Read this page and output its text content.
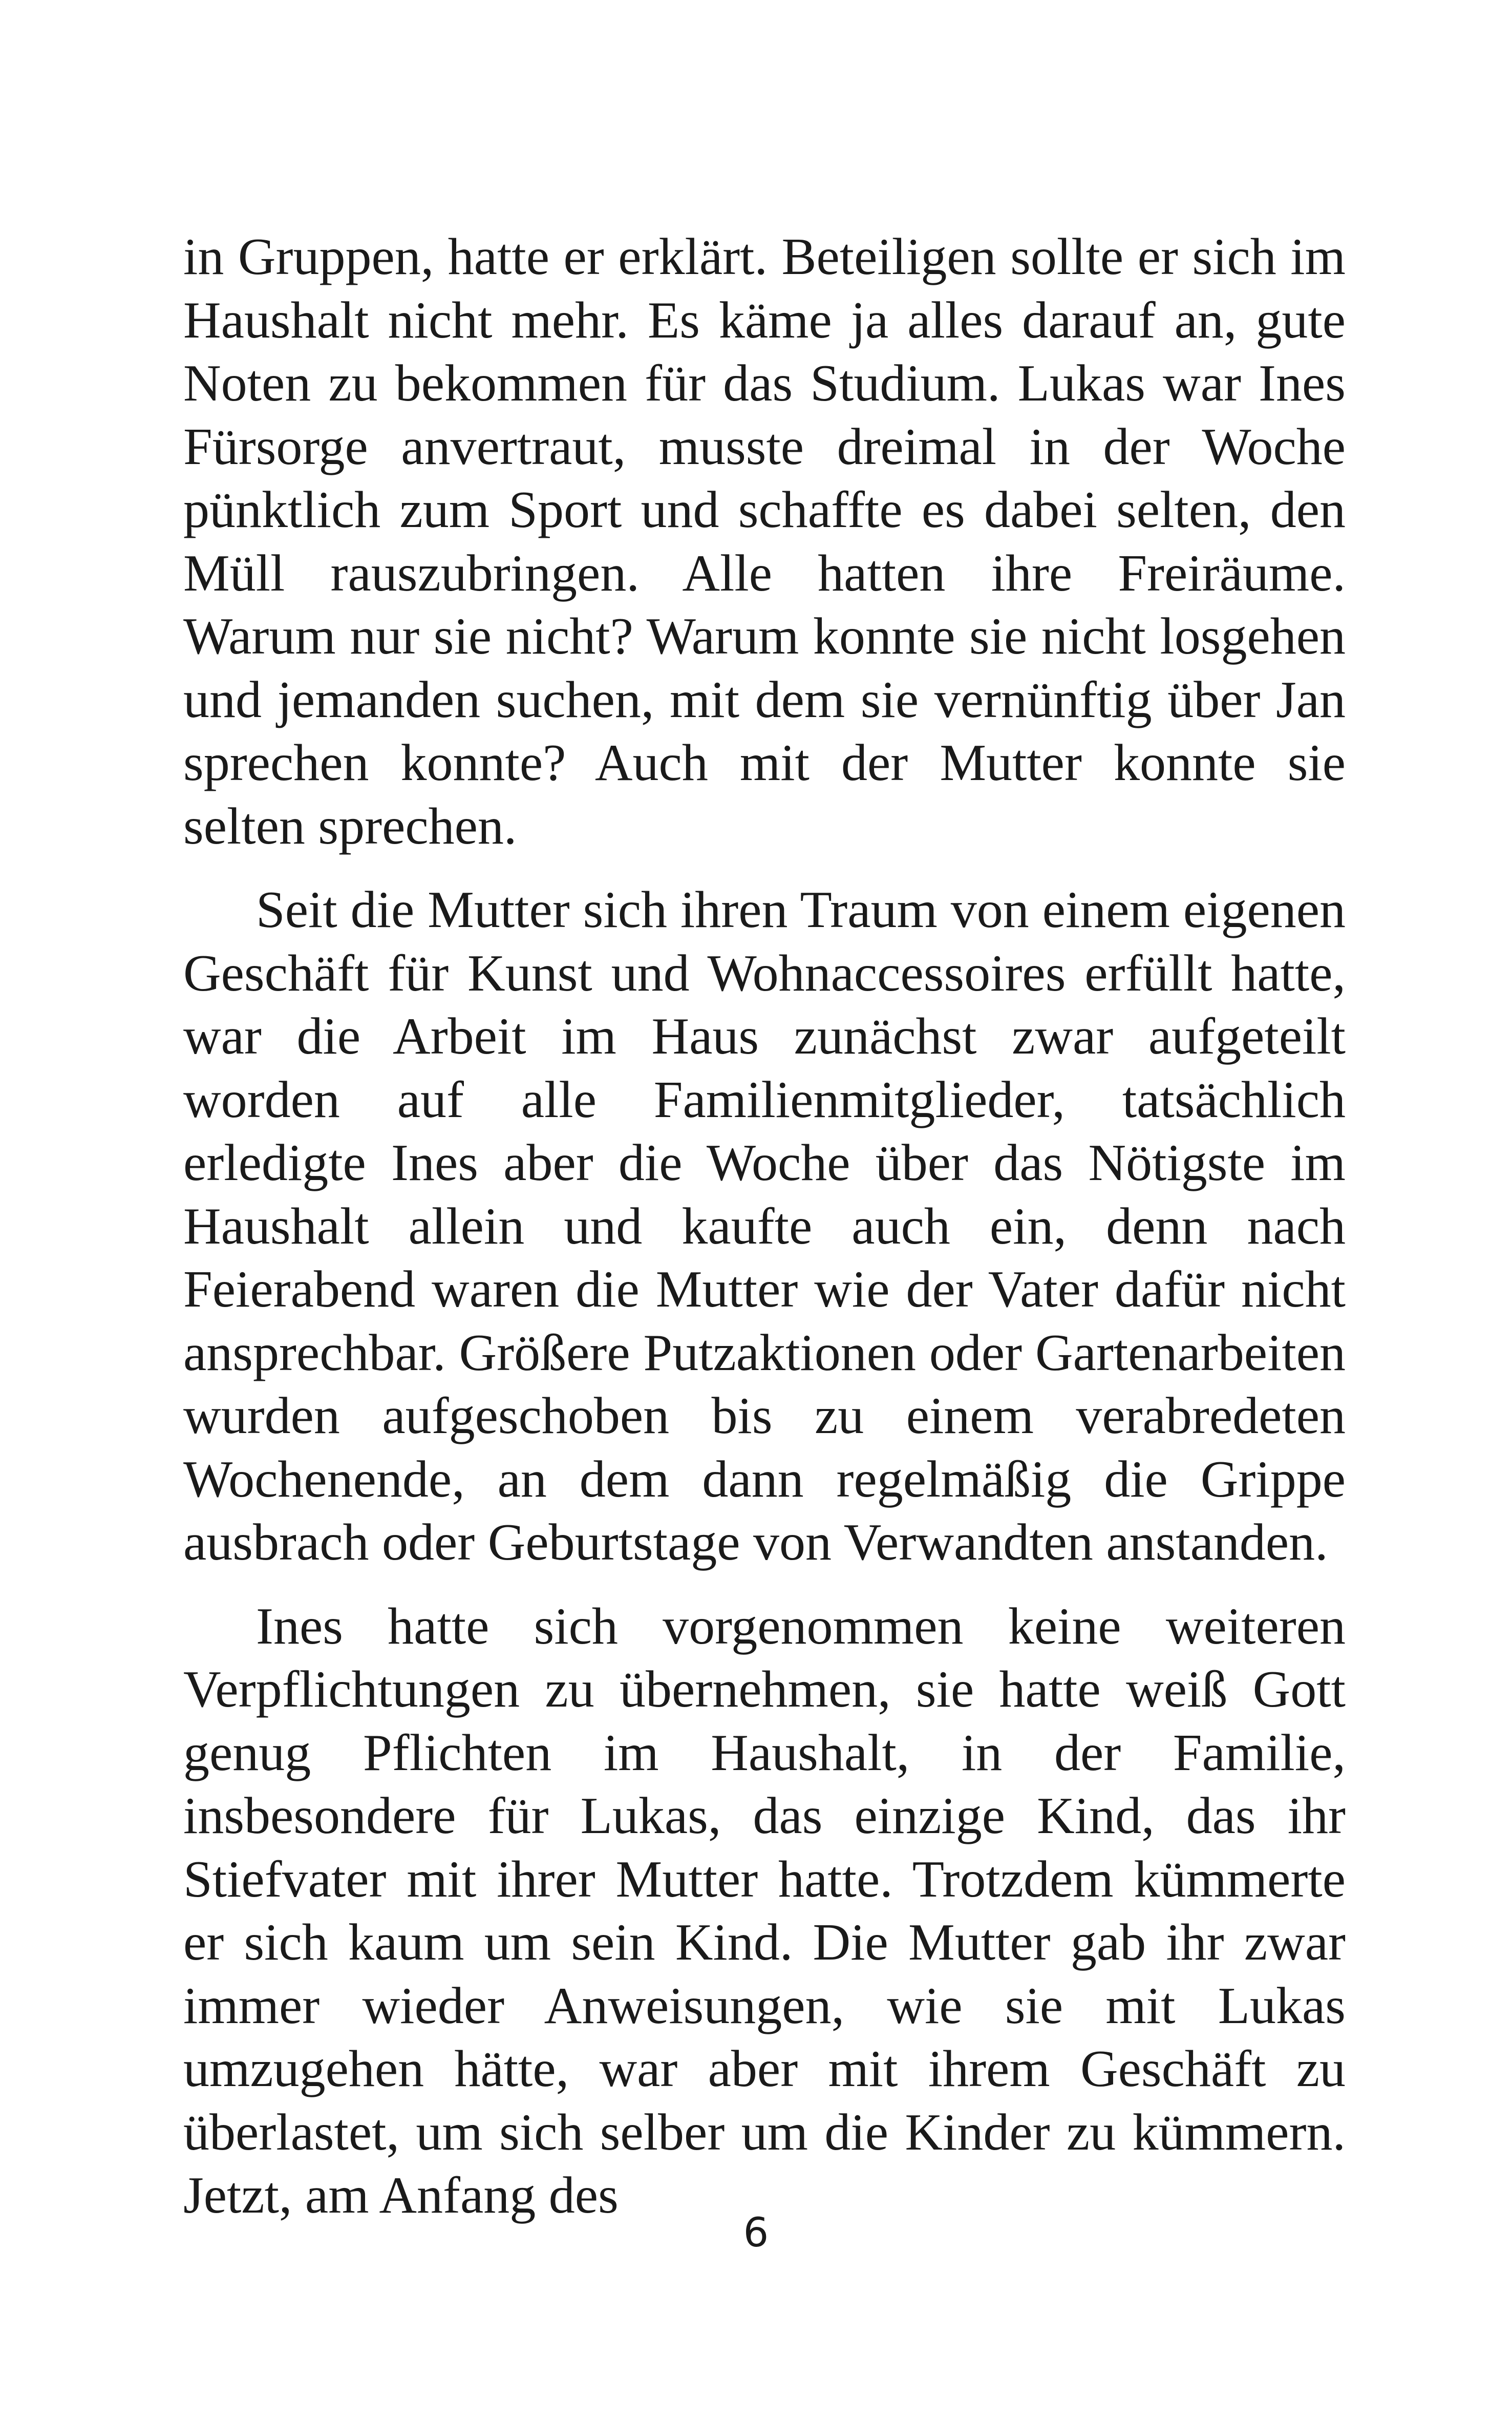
in Gruppen, hatte er erklärt. Beteiligen sollte er sich im Haushalt nicht mehr. Es käme ja alles darauf an, gute Noten zu bekommen für das Studium. Lukas war Ines Fürsorge anvertraut, musste dreimal in der Woche pünktlich zum Sport und schaffte es dabei selten, den Müll rauszubringen. Alle hatten ihre Freiräume. Warum nur sie nicht? Warum konnte sie nicht losgehen und jemanden suchen, mit dem sie vernünftig über Jan sprechen konnte? Auch mit der Mutter konnte sie selten sprechen.

Seit die Mutter sich ihren Traum von einem eigenen Geschäft für Kunst und Wohnaccessoires erfüllt hatte, war die Arbeit im Haus zunächst zwar aufgeteilt worden auf alle Familienmitglieder, tatsächlich erledigte Ines aber die Woche über das Nötigste im Haushalt allein und kaufte auch ein, denn nach Feierabend waren die Mutter wie der Vater dafür nicht ansprechbar. Größere Putzaktionen oder Gartenarbeiten wurden aufgeschoben bis zu einem verabredeten Wochenende, an dem dann regelmäßig die Grippe ausbrach oder Geburtstage von Verwandten anstanden.

Ines hatte sich vorgenommen keine weiteren Verpflichtungen zu übernehmen, sie hatte weiß Gott genug Pflichten im Haushalt, in der Familie, insbesondere für Lukas, das einzige Kind, das ihr Stiefvater mit ihrer Mutter hatte. Trotzdem kümmerte er sich kaum um sein Kind. Die Mutter gab ihr zwar immer wieder Anweisungen, wie sie mit Lukas umzugehen hätte, war aber mit ihrem Geschäft zu überlastet, um sich selber um die Kinder zu kümmern. Jetzt, am Anfang des

6
